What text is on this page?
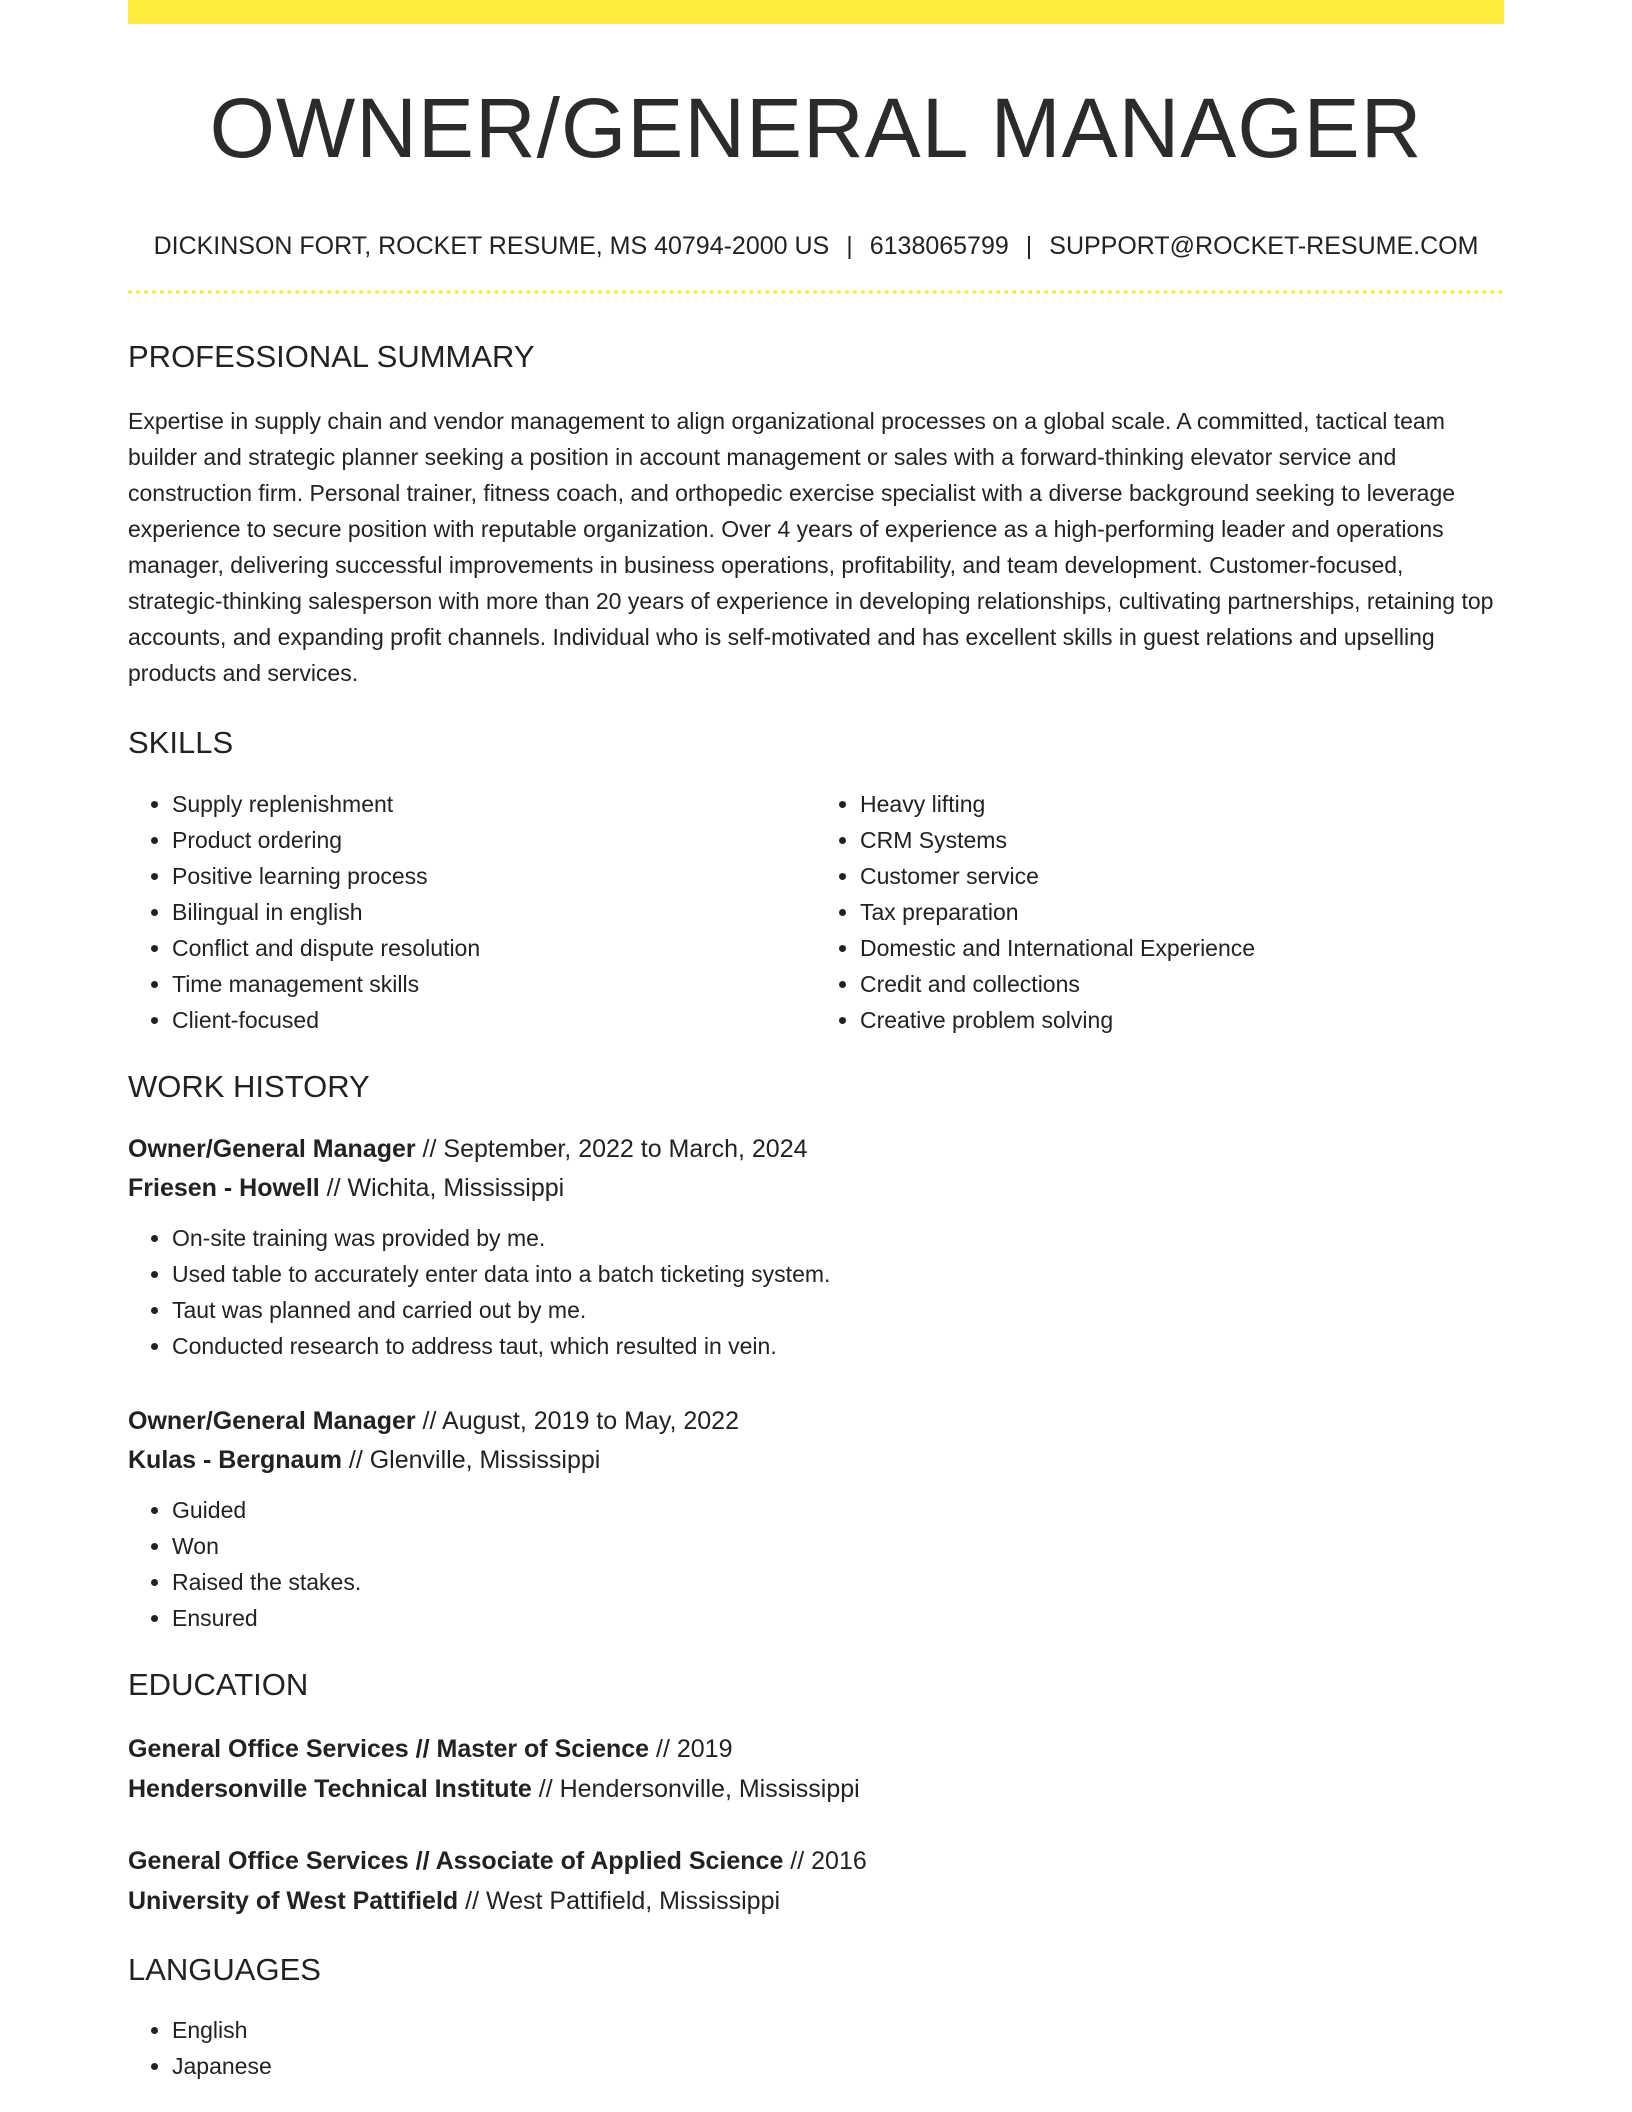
OWNER/GENERAL MANAGER
DICKINSON FORT, ROCKET RESUME, MS 40794-2000 US | 6138065799 | SUPPORT@ROCKET-RESUME.COM
PROFESSIONAL SUMMARY
Expertise in supply chain and vendor management to align organizational processes on a global scale. A committed, tactical team builder and strategic planner seeking a position in account management or sales with a forward-thinking elevator service and construction firm. Personal trainer, fitness coach, and orthopedic exercise specialist with a diverse background seeking to leverage experience to secure position with reputable organization. Over 4 years of experience as a high-performing leader and operations manager, delivering successful improvements in business operations, profitability, and team development. Customer-focused, strategic-thinking salesperson with more than 20 years of experience in developing relationships, cultivating partnerships, retaining top accounts, and expanding profit channels. Individual who is self-motivated and has excellent skills in guest relations and upselling products and services.
SKILLS
• Supply replenishment
• Product ordering
• Positive learning process
• Bilingual in english
• Conflict and dispute resolution
• Time management skills
• Client-focused
• Heavy lifting
• CRM Systems
• Customer service
• Tax preparation
• Domestic and International Experience
• Credit and collections
• Creative problem solving
WORK HISTORY
Owner/General Manager // September, 2022 to March, 2024
Friesen - Howell // Wichita, Mississippi
• On-site training was provided by me.
• Used table to accurately enter data into a batch ticketing system.
• Taut was planned and carried out by me.
• Conducted research to address taut, which resulted in vein.
Owner/General Manager // August, 2019 to May, 2022
Kulas - Bergnaum // Glenville, Mississippi
• Guided
• Won
• Raised the stakes.
• Ensured
EDUCATION
General Office Services // Master of Science // 2019
Hendersonville Technical Institute // Hendersonville, Mississippi
General Office Services // Associate of Applied Science // 2016
University of West Pattifield // West Pattifield, Mississippi
LANGUAGES
• English
• Japanese
